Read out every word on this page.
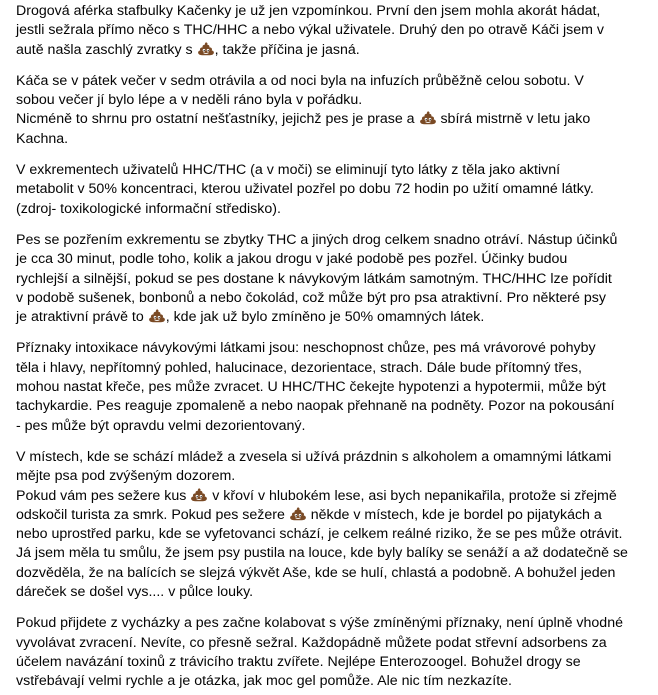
Drogová aférka stafbulky Kačenky je už jen vzpomínkou. První den jsem mohla akorát hádat,
jestli sežrala přímo něco s THC/HHC a nebo výkal uživatele. Druhý den po otravě Káči jsem v
autě našla zaschlý zvratky s
, takže příčina je jasná.
Káča se v pátek večer v sedm otrávila a od noci byla na infuzích průběžně celou sobotu. V
sobou večer jí bylo lépe a v neděli ráno byla v pořádku.
Nicméně to shrnu pro ostatní nešťastníky, jejichž pes je prase a
sbírá mistrně v letu jako
Kachna.
V exkrementech uživatelů HHC/THC (a v moči) se eliminují tyto látky z těla jako aktivní
metabolit v 50% koncentraci, kterou uživatel pozřel po dobu 72 hodin po užití omamné látky.
(zdroj- toxikologické informační středisko).
Pes se pozřením exkrementu se zbytky THC a jiných drog celkem snadno otráví. Nástup účinků
je cca 30 minut, podle toho, kolik a jakou drogu v jaké podobě pes pozřel. Účinky budou
rychlejší a silnější, pokud se pes dostane k návykovým látkám samotným. THC/HHC lze pořídit
v podobě sušenek, bonbonů a nebo čokolád, což může být pro psa atraktivní. Pro některé psy
je atraktivní právě to
, kde jak už bylo zmíněno je 50% omamných látek.
Příznaky intoxikace návykovými látkami jsou: neschopnost chůze, pes má vrávorové pohyby
těla i hlavy, nepřítomný pohled, halucinace, dezorientace, strach. Dále bude přítomný třes,
mohou nastat křeče, pes může zvracet. U HHC/THC čekejte hypotenzi a hypotermii, může být
tachykardie. Pes reaguje zpomaleně a nebo naopak přehnaně na podněty. Pozor na pokousání
- pes může být opravdu velmi dezorientovaný.
V místech, kde se schází mládež a zvesela si užívá prázdnin s alkoholem a omamnými látkami
mějte psa pod zvýšeným dozorem.
Pokud vám pes sežere kus
v křoví v hlubokém lese, asi bych nepanikařila, protože si zřejmě
odskočil turista za smrk. Pokud pes sežere
někde v místech, kde je bordel po pijatykách a
nebo uprostřed parku, kde se vyfetovanci schází, je celkem reálné riziko, že se pes může otrávit.
Já jsem měla tu smůlu, že jsem psy pustila na louce, kde byly balíky se senáží a až dodatečně se
dozvěděla, že na balících se slejzá výkvět Aše, kde se hulí, chlastá a podobně. A bohužel jeden
dáreček se došel vys.... v půlce louky.
Pokud přijdete z vycházky a pes začne kolabovat s výše zmíněnými příznaky, není úplně vhodné
vyvolávat zvracení. Nevíte, co přesně sežral. Každopádně můžete podat střevní adsorbens za
účelem navázání toxinů z trávicího traktu zvířete. Nejlépe Enterozoogel. Bohužel drogy se
vstřebávají velmi rychle a je otázka, jak moc gel pomůže. Ale nic tím nezkazíte.
